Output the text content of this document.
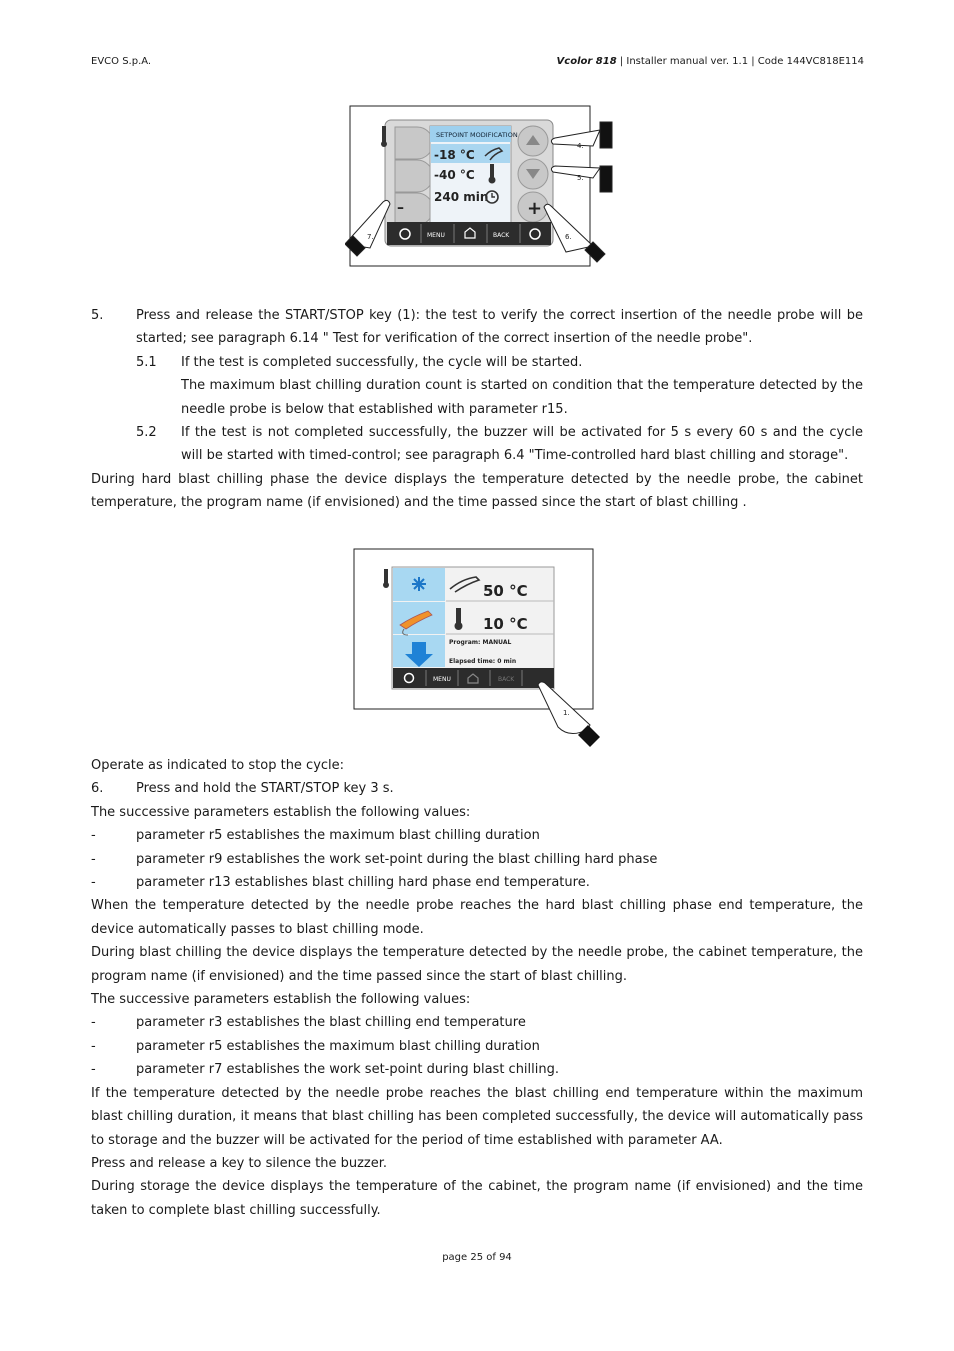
EVCO S.p.A.	Vcolor 818 | Installer manual ver. 1.1 | Code 144VC818E114
SETPOINT MODIFICATION
-18 °C
-40 °C
240 min
+
–
MENU	BACK
4.
5.
6.
7.
5.	Press and release the START/STOP key (1): the test to verify the correct insertion of the needle probe will be started; see paragraph 6.14 " Test for verification of the correct insertion of the needle probe".
5.1	If the test is completed successfully, the cycle will be started.
The maximum blast chilling duration count is started on condition that the temperature detected by the needle probe is below that established with parameter r15.
5.2	If the test is not completed successfully, the buzzer will be activated for 5 s every 60 s and the cycle will be started with timed-control; see paragraph 6.4 "Time-controlled hard blast chilling and storage".

During hard blast chilling phase the device displays the temperature detected by the needle probe, the cabinet temperature, the program name (if envisioned) and the time passed since the start of blast chilling .

50 °C
10 °C
Program: MANUAL
Elapsed time: 0 min
MENU	BACK
1.

Operate as indicated to stop the cycle:

6.	Press and hold the START/STOP key 3 s.

The successive parameters establish the following values:

-	parameter r5 establishes the maximum blast chilling duration
-	parameter r9 establishes the work set-point during the blast chilling hard phase
-	parameter r13 establishes blast chilling hard phase end temperature.

When the temperature detected by the needle probe reaches the hard blast chilling phase end temperature, the device automatically passes to blast chilling mode.

During blast chilling the device displays the temperature detected by the needle probe, the cabinet temperature, the program name (if envisioned) and the time passed since the start of blast chilling.

The successive parameters establish the following values:

-	parameter r3 establishes the blast chilling end temperature
-	parameter r5 establishes the maximum blast chilling duration
-	parameter r7 establishes the work set-point during blast chilling.

If the temperature detected by the needle probe reaches the blast chilling end temperature within the maximum blast chilling duration, it means that blast chilling has been completed successfully, the device will automatically pass to storage and the buzzer will be activated for the period of time established with parameter AA.

Press and release a key to silence the buzzer.

During storage the device displays the temperature of the cabinet, the program name (if envisioned) and the time taken to complete blast chilling successfully.

page 25 of 94
